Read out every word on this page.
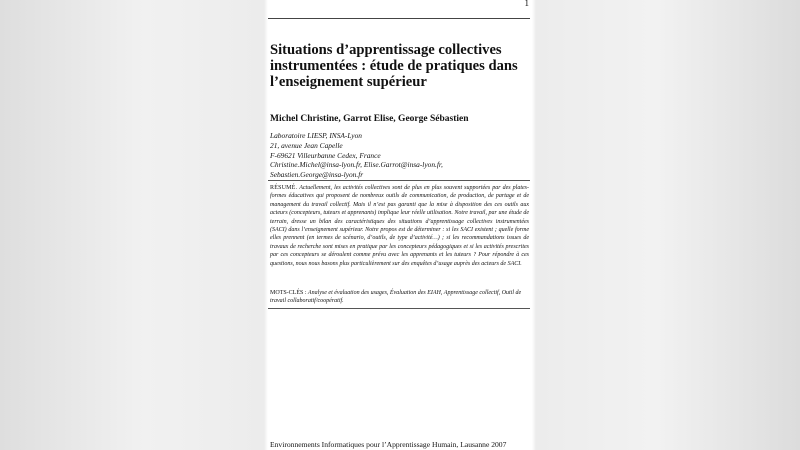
1
Situations d’apprentissage collectives instrumentées : étude de pratiques dans l’enseignement supérieur
Michel Christine, Garrot Elise, George Sébastien
Laboratoire LIESP, INSA-Lyon
21, avenue Jean Capelle
F-69621 Villeurbanne Cedex, France
Christine.Michel@insa-lyon.fr, Elise.Garrot@insa-lyon.fr,
Sebastien.George@insa-lyon.fr

RÉSUMÉ. Actuellement, les activités collectives sont de plus en plus souvent supportées par des plates-formes éducatives qui proposent de nombreux outils de communication, de production, de partage et de management du travail collectif. Mais il n’est pas garanti que la mise à disposition des ces outils aux acteurs (concepteurs, tuteurs et apprenants) implique leur réelle utilisation. Notre travail, par une étude de terrain, dresse un bilan des caractéristiques des situations d’apprentissage collectives instrumentées (SACI) dans l’enseignement supérieur. Notre propos est de déterminer : si les SACI existent ; quelle forme elles prennent (en termes de scénario, d’outils, de type d’activité…) ; si les recommandations issues de travaux de recherche sont mises en pratique par les concepteurs pédagogiques et si les activités prescrites par ces concepteurs se déroulent comme prévu avec les apprenants et les tuteurs ? Pour répondre à ces questions, nous nous basons plus particulièrement sur des enquêtes d’usage auprès des acteurs de SACI.

MOTS-CLÉS : Analyse et évaluation des usages, Évaluation des EIAH, Apprentissage collectif, Outil de travail collaboratif/coopératif.

Environnements Informatiques pour l’Apprentissage Humain, Lausanne 2007
